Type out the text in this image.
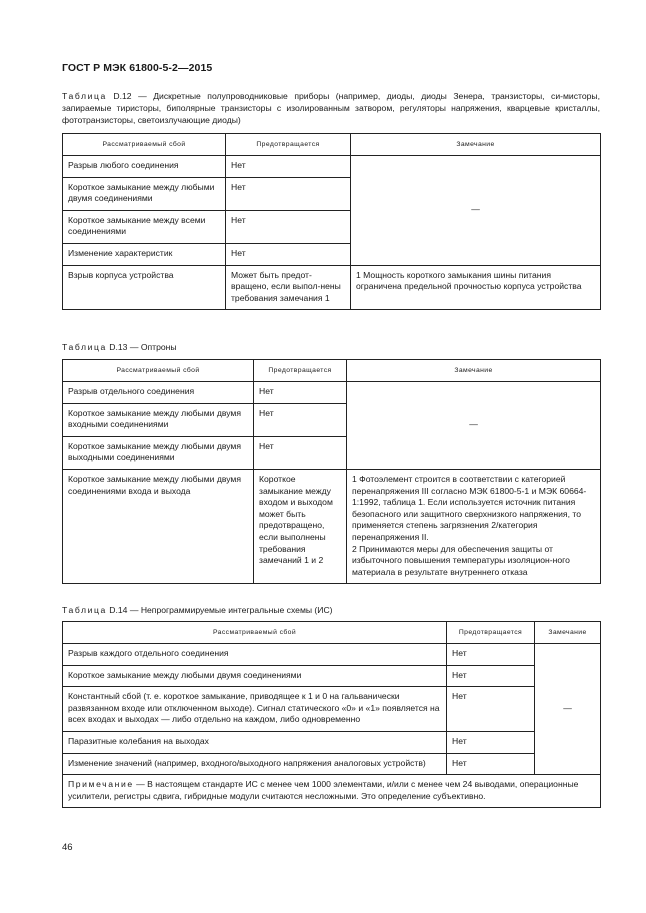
ГОСТ Р МЭК 61800-5-2—2015
Таблица D.12 — Дискретные полупроводниковые приборы (например, диоды, диоды Зенера, транзисторы, си-мисторы, запираемые тиристоры, биполярные транзисторы с изолированным затвором, регуляторы напряжения, кварцевые кристаллы, фототранзисторы, светоизлучающие диоды)
Рассматриваемый сбой	Предотвращается	Замечание
Разрыв любого соединения	Нет	—
Короткое замыкание между любыми двумя соединениями	Нет	
Короткое замыкание между всеми соединениями	Нет	
Изменение характеристик	Нет	
Взрыв корпуса устройства	Может быть предот-вращено, если выпол-нены требования замечания 1	1 Мощность короткого замыкания шины питания ограничена предельной прочностью корпуса устройства
Таблица D.13 — Оптроны
Рассматриваемый сбой	Предотвращается	Замечание
Разрыв отдельного соединения	Нет	—
Короткое замыкание между любыми двумя входными соединениями	Нет	
Короткое замыкание между любыми двумя выходными соединениями	Нет	
Короткое замыкание между любыми двумя соединениями входа и выхода	Короткое замыкание между входом и выходом может быть предотвращено, если выполнены требования замечаний 1 и 2	1 Фотоэлемент строится в соответствии с категорией перенапряжения III согласно МЭК 61800-5-1 и МЭК 60664-1:1992, таблица 1. Если используется источник питания безопасного или защитного сверхнизкого напряжения, то применяется степень загрязнения 2/категория перенапряжения II.
2 Принимаются меры для обеспечения защиты от избыточного повышения температуры изоляцион-ного материала в результате внутреннего отказа
Таблица D.14 — Непрограммируемые интегральные схемы (ИС)
Рассматриваемый сбой	Предотвращается	Замечание
Разрыв каждого отдельного соединения	Нет	—
Короткое замыкание между любыми двумя соединениями	Нет	
Константный сбой (т. е. короткое замыкание, приводящее к 1 и 0 на гальванически развязанном входе или отключенном выходе). Сигнал статического «0» и «1» появляется на всех входах и выходах — либо отдельно на каждом, либо одновременно	Нет	
Паразитные колебания на выходах	Нет	
Изменение значений (например, входного/выходного напряжения аналоговых устройств)	Нет	
Примечание — В настоящем стандарте ИС с менее чем 1000 элементами, и/или с менее чем 24 выводами, операционные усилители, регистры сдвига, гибридные модули считаются несложными. Это определение субъективно.		
46
